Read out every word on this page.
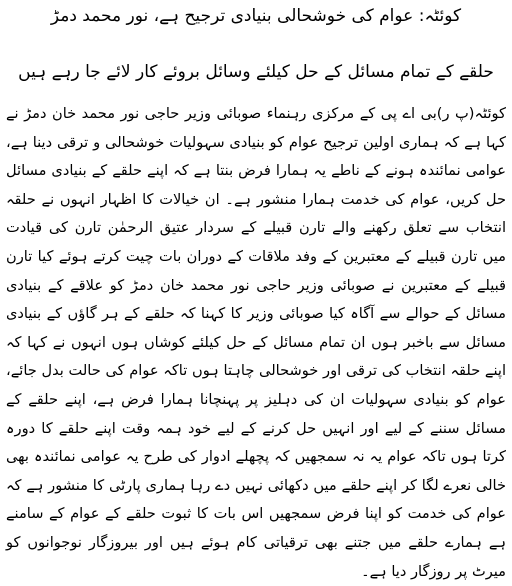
کوئٹہ: عوام کی خوشحالی بنیادی ترجیح ہے، نور محمد دمڑ
حلقے کے تمام مسائل کے حل کیلئے وسائل بروئے کار لائے جا رہے ہیں

کوئٹہ(پ ر)بی اے پی کے مرکزی رہنماء صوبائی وزیر حاجی نور محمد خان دمڑ نے کہا ہے کہ ہماری اولین ترجیح عوام کو بنیادی سہولیات خوشحالی و ترقی دینا ہے، عوامی نمائندہ ہونے کے ناطے یہ ہمارا فرض بنتا ہے کہ اپنے حلقے کے بنیادی مسائل حل کریں، عوام کی خدمت ہمارا منشور ہے۔ ان خیالات کا اظہار انہوں نے حلقہ انتخاب سے تعلق رکھنے والے تارن قبیلے کے سردار عتیق الرحمٰن تارن کی قیادت میں تارن قبیلے کے معتبرین کے وفد ملاقات کے دوران بات چیت کرتے ہوئے کیا تارن قبیلے کے معتبرین نے صوبائی وزیر حاجی نور محمد خان دمڑ کو علاقے کے بنیادی مسائل کے حوالے سے آگاہ کیا صوبائی وزیر کا کہنا کہ حلقے کے ہر گاؤں کے بنیادی مسائل سے باخبر ہوں ان تمام مسائل کے حل کیلئے کوشاں ہوں انہوں نے کہا کہ اپنے حلقہ انتخاب کی ترقی اور خوشحالی چاہتا ہوں تاکہ عوام کی حالت بدل جائے، عوام کو بنیادی سہولیات ان کی دہلیز پر پہنچانا ہمارا فرض ہے، اپنے حلقے کے مسائل سننے کے لیے اور انہیں حل کرنے کے لیے خود ہمہ وقت اپنے حلقے کا دورہ کرتا ہوں تاکہ عوام یہ نہ سمجھیں کہ پچھلے ادوار کی طرح یہ عوامی نمائندہ بھی خالی نعرے لگا کر اپنے حلقے میں دکھائی نہیں دے رہا ہماری پارٹی کا منشور ہے کہ عوام کی خدمت کو اپنا فرض سمجھیں اس بات کا ثبوت حلقے کے عوام کے سامنے ہے ہمارے حلقے میں جتنے بھی ترقیاتی کام ہوئے ہیں اور بیروزگار نوجوانوں کو میرٹ پر روزگار دیا ہے۔
